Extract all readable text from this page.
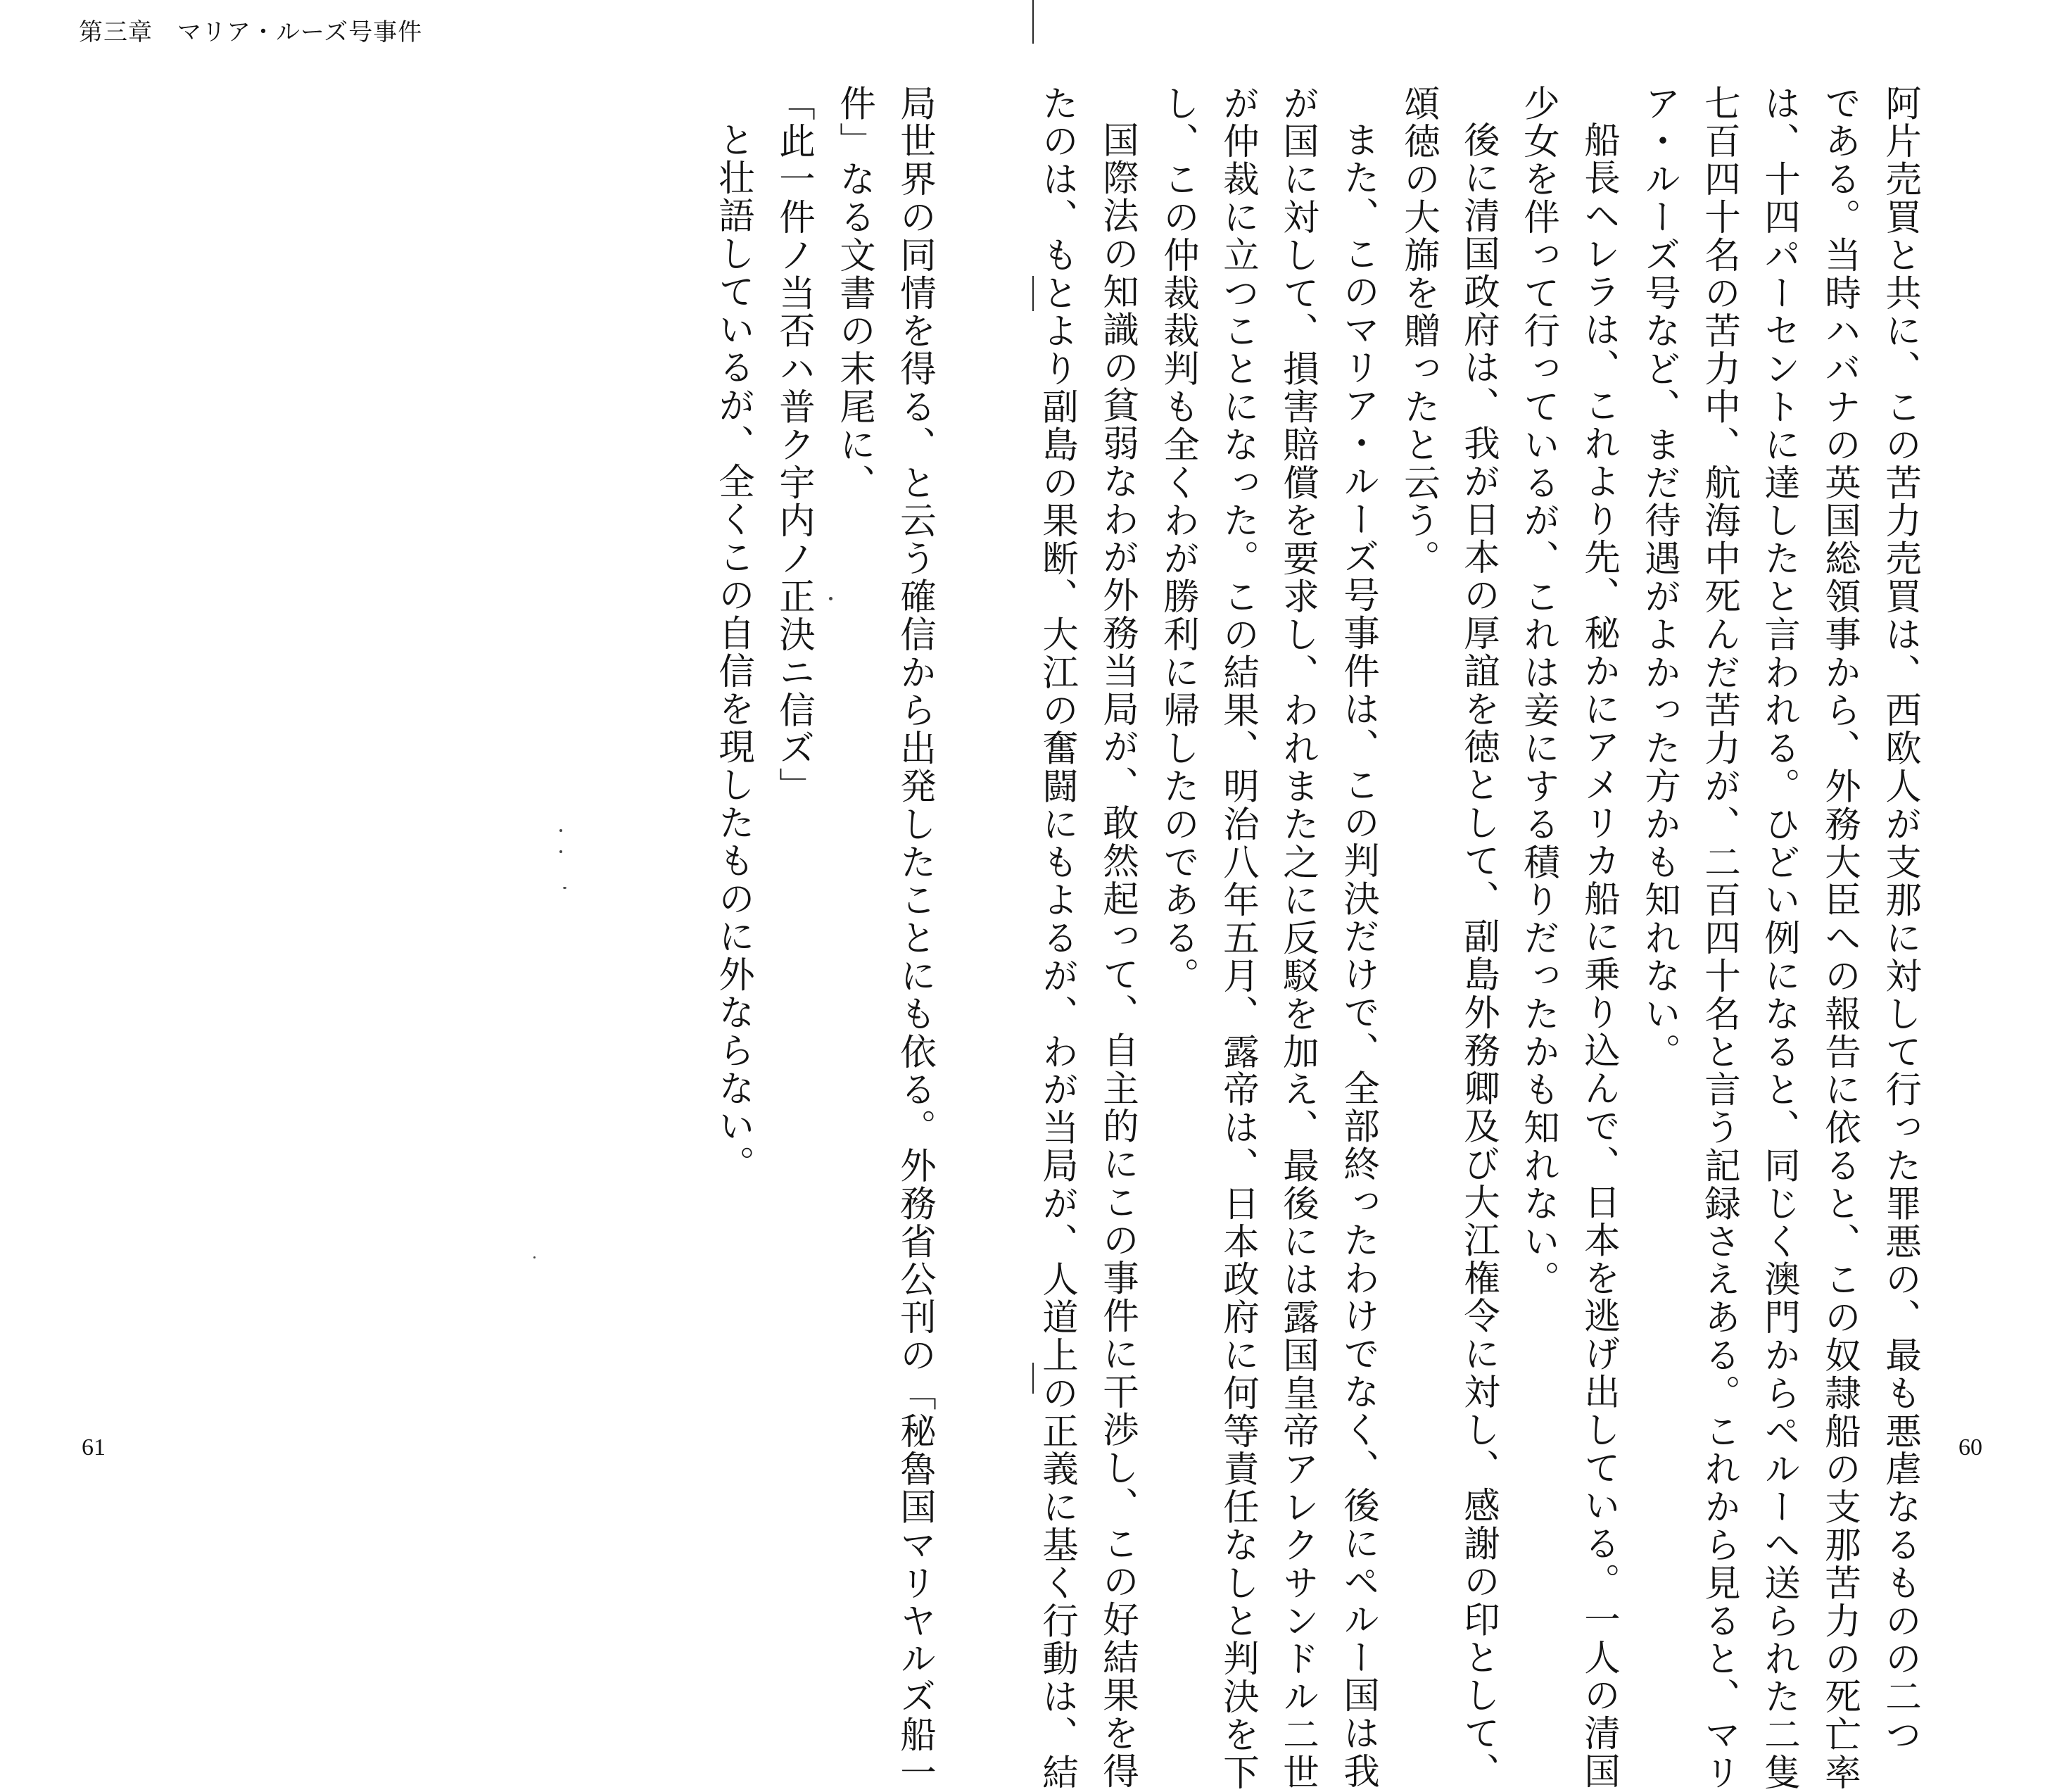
第三章　マリア・ルーズ号事件
阿片売買と共に、この苦力売買は、西欧人が支那に対して行った罪悪の、最も悪虐なるものの二つ
である。当時ハバナの英国総領事から、外務大臣への報告に依ると、この奴隷船の支那苦力の死亡率
は、十四パーセントに達したと言われる。ひどい例になると、同じく澳門からペルーへ送られた二隻
七百四十名の苦力中、航海中死んだ苦力が、二百四十名と言う記録さえある。これから見ると、マリ
ア・ルーズ号など、まだ待遇がよかった方かも知れない。
船長ヘレラは、これより先、秘かにアメリカ船に乗り込んで、日本を逃げ出している。一人の清国
少女を伴って行っているが、これは妾にする積りだったかも知れない。
後に清国政府は、我が日本の厚誼を徳として、副島外務卿及び大江権令に対し、感謝の印として、
頌徳の大旆を贈ったと云う。
また、このマリア・ルーズ号事件は、この判決だけで、全部終ったわけでなく、後にペルー国は我
が国に対して、損害賠償を要求し、われまた之に反駁を加え、最後には露国皇帝アレクサンドル二世
が仲裁に立つことになった。この結果、明治八年五月、露帝は、日本政府に何等責任なしと判決を下
し、この仲裁裁判も全くわが勝利に帰したのである。
国際法の知識の貧弱なわが外務当局が、敢然起って、自主的にこの事件に干渉し、この好結果を得
たのは、もとより副島の果断、大江の奮闘にもよるが、わが当局が、人道上の正義に基く行動は、結
局世界の同情を得る、と云う確信から出発したことにも依る。外務省公刊の「秘魯国マリヤルズ船一
件」なる文書の末尾に、
「此一件ノ当否ハ普ク宇内ノ正決ニ信ズ」
と壮語しているが、全くこの自信を現したものに外ならない。
61	60
